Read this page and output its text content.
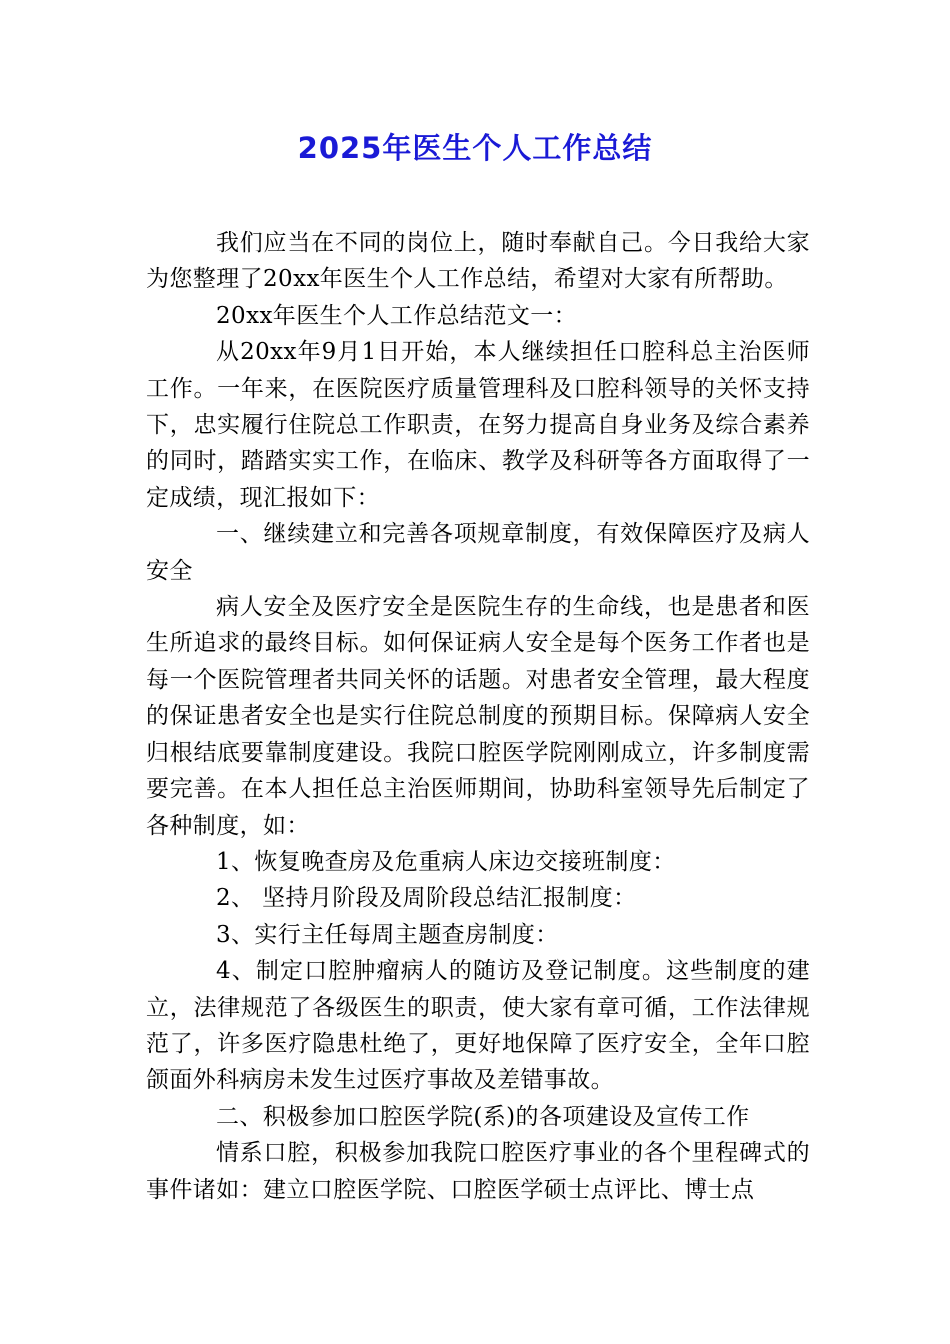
2025年医生个人工作总结

我们应当在不同的岗位上，随时奉献自己。今日我给大家为您整理了20xx年医生个人工作总结，希望对大家有所帮助。

20xx年医生个人工作总结范文一：

从20xx年9月1日开始，本人继续担任口腔科总主治医师工作。一年来，在医院医疗质量管理科及口腔科领导的关怀支持下，忠实履行住院总工作职责，在努力提高自身业务及综合素养的同时，踏踏实实工作，在临床、教学及科研等各方面取得了一定成绩，现汇报如下：

一、继续建立和完善各项规章制度，有效保障医疗及病人安全

病人安全及医疗安全是医院生存的生命线，也是患者和医生所追求的最终目标。如何保证病人安全是每个医务工作者也是每一个医院管理者共同关怀的话题。对患者安全管理，最大程度的保证患者安全也是实行住院总制度的预期目标。保障病人安全归根结底要靠制度建设。我院口腔医学院刚刚成立，许多制度需要完善。在本人担任总主治医师期间，协助科室领导先后制定了各种制度，如：

1、恢复晚查房及危重病人床边交接班制度：

2、 坚持月阶段及周阶段总结汇报制度：

3、实行主任每周主题查房制度：

4、制定口腔肿瘤病人的随访及登记制度。这些制度的建立，法律规范了各级医生的职责，使大家有章可循，工作法律规范了，许多医疗隐患杜绝了，更好地保障了医疗安全，全年口腔颌面外科病房未发生过医疗事故及差错事故。

二、积极参加口腔医学院(系)的各项建设及宣传工作

情系口腔，积极参加我院口腔医疗事业的各个里程碑式的事件诸如：建立口腔医学院、口腔医学硕士点评比、博士点
